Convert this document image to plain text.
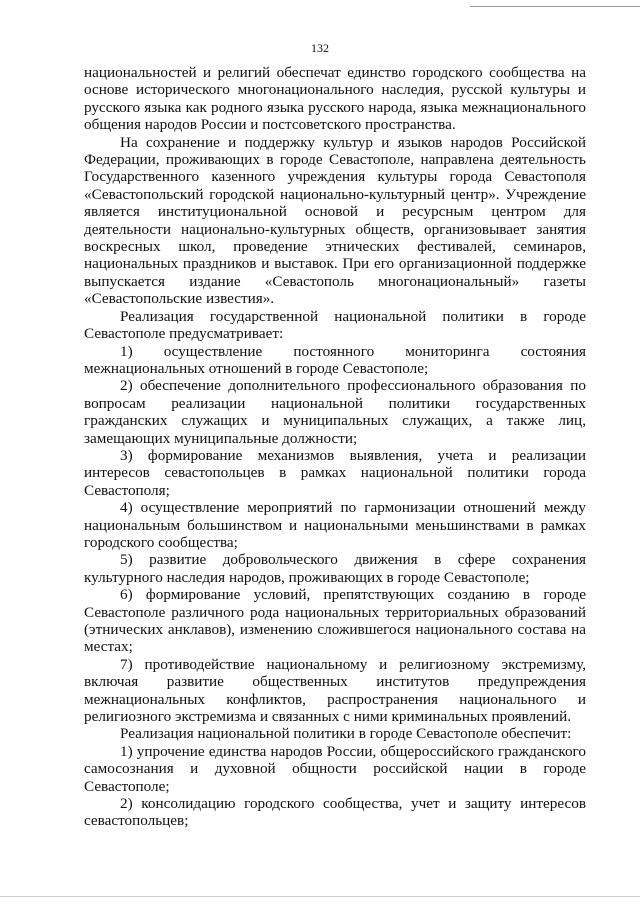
132

национальностей и религий обеспечат единство городского сообщества на основе исторического многонационального наследия, русской культуры и русского языка как родного языка русского народа, языка межнационального общения народов России и постсоветского пространства.

На сохранение и поддержку культур и языков народов Российской Федерации, проживающих в городе Севастополе, направлена деятельность Государственного казенного учреждения культуры города Севастополя «Севастопольский городской национально-культурный центр». Учреждение является институциональной основой и ресурсным центром для деятельности национально-культурных обществ, организовывает занятия воскресных школ, проведение этнических фестивалей, семинаров, национальных праздников и выставок. При его организационной поддержке выпускается издание «Севастополь многонациональный» газеты «Севастопольские известия».

Реализация государственной национальной политики в городе Севастополе предусматривает:

1) осуществление постоянного мониторинга состояния межнациональных отношений в городе Севастополе;

2) обеспечение дополнительного профессионального образования по вопросам реализации национальной политики государственных гражданских служащих и муниципальных служащих, а также лиц, замещающих муниципальные должности;

3) формирование механизмов выявления, учета и реализации интересов севастопольцев в рамках национальной политики города Севастополя;

4) осуществление мероприятий по гармонизации отношений между национальным большинством и национальными меньшинствами в рамках городского сообщества;

5) развитие добровольческого движения в сфере сохранения культурного наследия народов, проживающих в городе Севастополе;

6) формирование условий, препятствующих созданию в городе Севастополе различного рода национальных территориальных образований (этнических анклавов), изменению сложившегося национального состава на местах;

7) противодействие национальному и религиозному экстремизму, включая развитие общественных институтов предупреждения межнациональных конфликтов, распространения национального и религиозного экстремизма и связанных с ними криминальных проявлений.

Реализация национальной политики в городе Севастополе обеспечит:

1) упрочение единства народов России, общероссийского гражданского самосознания и духовной общности российской нации в городе Севастополе;

2) консолидацию городского сообщества, учет и защиту интересов севастопольцев;
